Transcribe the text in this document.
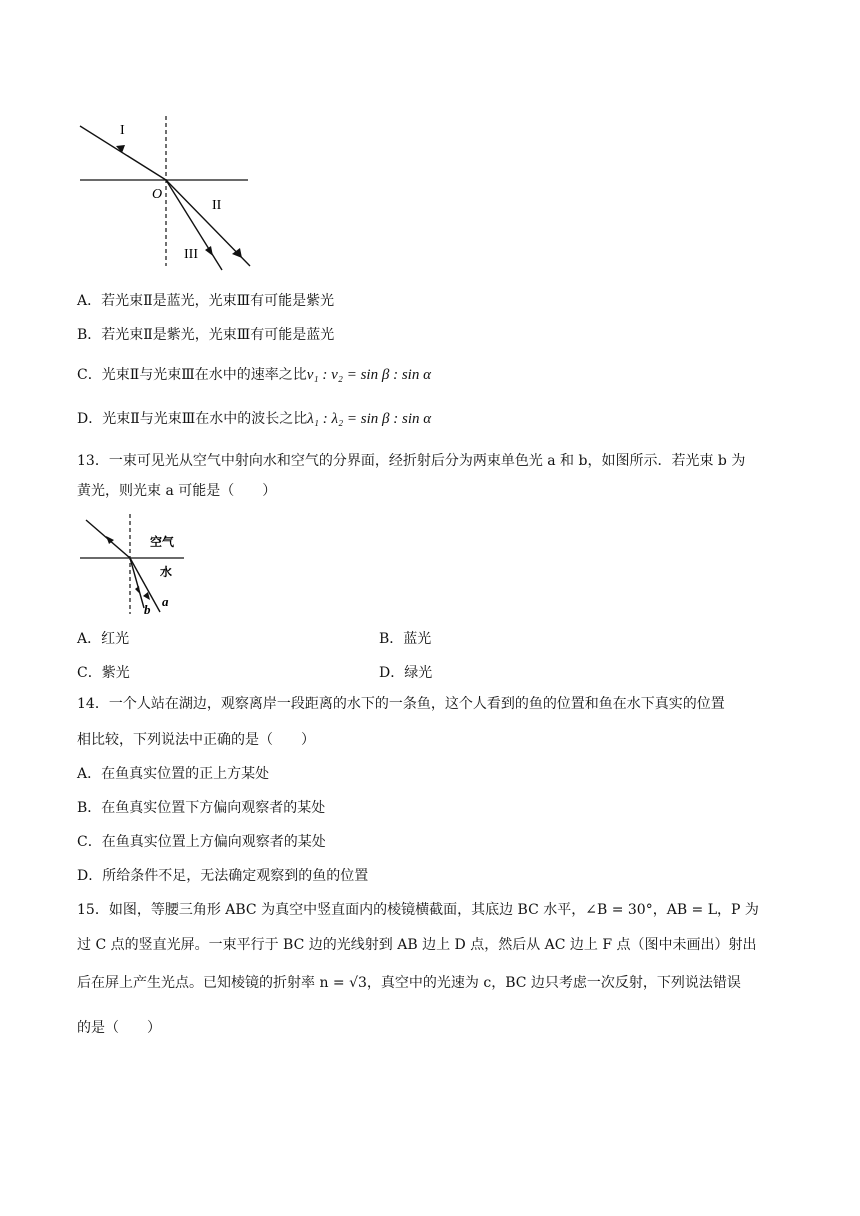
I
O
II
III
A．若光束Ⅱ是蓝光，光束Ⅲ有可能是紫光
B．若光束Ⅱ是紫光，光束Ⅲ有可能是蓝光
C．光束Ⅱ与光束Ⅲ在水中的速率之比v₁ : v₂ = sin β : sin α
D．光束Ⅱ与光束Ⅲ在水中的波长之比λ₁ : λ₂ = sin β : sin α
13．一束可见光从空气中射向水和空气的分界面，经折射后分为两束单色光 a 和 b，如图所示．若光束 b 为
黄光，则光束 a 可能是（　　）
空气
水
a
b
A．红光	B．蓝光
C．紫光	D．绿光
14．一个人站在湖边，观察离岸一段距离的水下的一条鱼，这个人看到的鱼的位置和鱼在水下真实的位置
相比较，下列说法中正确的是（　　）
A．在鱼真实位置的正上方某处
B．在鱼真实位置下方偏向观察者的某处
C．在鱼真实位置上方偏向观察者的某处
D．所给条件不足，无法确定观察到的鱼的位置
15．如图，等腰三角形 ABC 为真空中竖直面内的棱镜横截面，其底边 BC 水平，∠B = 30°，AB = L，P 为
过 C 点的竖直光屏。一束平行于 BC 边的光线射到 AB 边上 D 点，然后从 AC 边上 F 点（图中未画出）射出
后在屏上产生光点。已知棱镜的折射率 n = √3，真空中的光速为 c，BC 边只考虑一次反射，下列说法错误
的是（　　）
